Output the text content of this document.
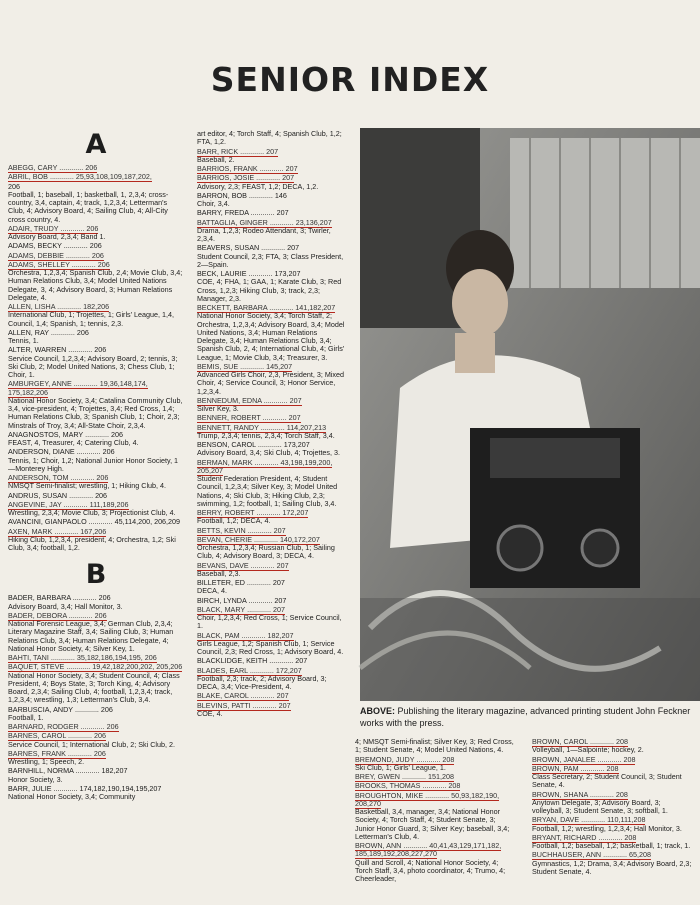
SENIOR INDEX
A
ABEGG, CARY ............ 206
ABRIL, BOB ............ 25,93,108,109,187,202,
206
Football, 1; baseball, 1; basketball, 1, 2,3,4; cross-country, 3,4, captain, 4; track, 1,2,3,4; Letterman's Club, 4; Advisory Board, 4; Sailing Club, 4; All-City cross country, 4.
ADAIR, TRUDY ............ 206
Advisory Board, 2,3,4; Band 1.
ADAMS, BECKY ............ 206
ADAMS, DEBBIE ............ 206
ADAMS, SHELLEY ............ 206
Orchestra, 1,2,3,4; Spanish Club, 2,4; Movie Club, 3,4; Human Relations Club, 3,4; Model United Nations Delegate, 3, 4; Advisory Board, 3; Human Relations Delegate, 4.
ALLEN, LISHA ............ 182,206
International Club, 1; Trojettes, 1; Girls' League, 1,4, Council, 1,4; Spanish, 1; tennis, 2,3.
ALLEN, RAY ............ 206
Tennis, 1.
ALTER, WARREN ............ 206
Service Council, 1,2,3,4; Advisory Board, 2; tennis, 3; Ski Club, 2; Model United Nations, 3; Chess Club, 1; Choir, 1.
AMBURGEY, ANNE ............ 19,36,148,174, 175,182,206
National Honor Society, 3,4; Catalina Community Club, 3,4, vice-president, 4; Trojettes, 3,4; Red Cross, 1,4; Human Relations Club, 3; Spanish Club, 1; Choir, 2,3; Minstrals of Troy, 3,4; All-State Choir, 2,3,4.
ANAGNOSTOS, MARY ............ 206
FEAST, 4, Treasurer, 4; Catering Club, 4.
ANDERSON, DIANE ............ 206
Tennis, 1; Choir, 1,2; National Junior Honor Society, 1—Monterey High.
ANDERSON, TOM ............ 206
NMSQT Semi-finalist; wrestling, 1; Hiking Club, 4.
ANDRUS, SUSAN ............ 206
ANGEVINE, JAY ............ 111,189,206
Wrestling, 2,3,4; Movie Club, 3; Projectionist Club, 4.
AVANCINI, GIANPAOLO ............ 45,114,200, 206,209
AXEN, MARK ............ 167,206
Hiking Club, 1,2,3,4, president, 4; Orchestra, 1,2; Ski Club, 3,4; football, 1,2.
B
BADER, BARBARA ............ 206
Advisory Board, 3,4; Hall Monitor, 3.
BADER, DEBORA ............ 206
National Forensic League, 3,4; German Club, 2,3,4; Literary Magazine Staff, 3,4; Sailing Club, 3; Human Relations Club, 3,4; Human Relations Delegate, 4; National Honor Society, 4; Silver Key, 1.
BAHTI, TANI ............ 35,182,186,194,195, 206
BAQUET, STEVE ............ 19,42,182,200,202, 205,206
National Honor Society, 3,4; Student Council, 4; Class President, 4; Boys State, 3; Torch King, 4; Advisory Board, 2,3,4; Sailing Club, 4; football, 1,2,3,4; track, 1,2,3,4; wrestling, 1,3; Letterman's Club, 3,4.
BARBUSCIA, ANDY ............ 206
Football, 1.
BARNARD, RODGER ............ 206
BARNES, CAROL ............ 206
Service Council, 1; International Club, 2; Ski Club, 2.
BARNES, FRANK ............ 206
Wrestling, 1; Speech, 2.
BARNHILL, NORMA ............ 182,207
Honor Society, 3.
BARR, JULIE ............ 174,182,190,194,195,207
National Honor Society, 3,4; Community
art editor, 4; Torch Staff, 4; Spanish Club, 1,2; FTA, 1,2.
BARR, RICK ............ 207
Baseball, 2.
BARRIOS, FRANK ............ 207
BARRIOS, JOSIE ............ 207
Advisory, 2,3; FEAST, 1,2; DECA, 1,2.
BARRON, BOB ............ 146
Choir, 3,4.
BARRY, FREDA ............ 207
BATTAGLIA, GINGER ............ 23,136,207
Drama, 1,2,3; Rodeo Attendant, 3; Twirler, 2,3,4.
BEAVERS, SUSAN ............ 207
Student Council, 2,3; FTA, 3; Class President, 2—Spain.
BECK, LAURIE ............ 173,207
COE, 4; FHA, 1; GAA, 1; Karate Club, 3; Red Cross, 1,2,3; Hiking Club, 3; track, 2,3; Manager, 2,3.
BECKETT, BARBARA ............ 141,182,207
National Honor Society, 3,4; Torch Staff, 2; Orchestra, 1,2,3,4; Advisory Board, 3,4; Model United Nations, 3,4; Human Relations Delegate, 3,4; Human Relations Club, 3,4; Spanish Club, 2, 4; International Club, 4; Girls' League, 1; Movie Club, 3,4; Treasurer, 3.
BEMIS, SUE ............ 145,207
Advanced Girls Choir, 2,3, President, 3; Mixed Choir, 4; Service Council, 3; Honor Service, 1,2,3,4.
BENNEDUM, EDNA ............ 207
Silver Key, 3.
BENNER, ROBERT ............ 207
BENNETT, RANDY ............ 114,207,213
Trump, 2,3,4; tennis, 2,3,4; Torch Staff, 3,4.
BENSON, CAROL ............ 173,207
Advisory Board, 3,4; Ski Club, 4; Trojettes, 3.
BERMAN, MARK ............ 43,198,199,200, 205,207
Student Federation President, 4; Student Council, 1,2,3,4; Silver Key, 3; Model United Nations, 4; Ski Club, 3; Hiking Club, 2,3; swimming, 1,2; football, 1; Sailing Club, 3,4.
BERRY, ROBERT ............ 172,207
Football, 1,2; DECA, 4.
BETTS, KEVIN ............ 207
BEVAN, CHERIE ............ 140,172,207
Orchestra, 1,2,3,4; Russian Club, 1; Sailing Club, 4; Advisory Board, 3; DECA, 4.
BEVANS, DAVE ............ 207
Baseball, 2,3.
BILLETER, ED ............ 207
DECA, 4.
BIRCH, LYNDA ............ 207
BLACK, MARY ............ 207
Choir, 1,2,3,4; Red Cross, 1; Service Council, 1.
BLACK, PAM ............ 182,207
Girls League, 1,2; Spanish Club, 1; Service Council, 2,3; Red Cross, 1; Advisory Board, 4.
BLACKLIDGE, KEITH ............ 207
BLADES, EARL ............ 172,207
Football, 2,3; track, 2; Advisory Board, 3; DECA, 3,4; Vice-President, 4.
BLAKE, CAROL ............ 207
BLEVINS, PATTI ............ 207
COE, 4.	ABOVE: Publishing the literary magazine, advanced printing student John Feckner works with the press.
4; NMSQT Semi-finalist; Silver Key, 3; Red Cross, 1; Student Senate, 4; Model United Nations, 4.
BREMOND, JUDY ............ 208
Ski Club, 1; Girls' League, 1.
BREY, GWEN ............ 151,208
BROOKS, THOMAS ............ 208
BROUGHTON, MIKE ............ 50,93,182,190, 208,270
Basketball, 3,4, manager, 3,4; National Honor Society, 4; Torch Staff, 4; Student Senate, 3; Junior Honor Guard, 3; Silver Key; baseball, 3,4; Letterman's Club, 4.
BROWN, ANN ............ 40,41,43,129,171,182, 185,189,192,208,227,270
Quill and Scroll, 4; National Honor Society, 4; Torch Staff, 3,4, photo coordinator, 4; Trumo, 4; Cheerleader,
BROWN, CAROL ............ 208
Volleyball, 1—Salpointe; hockey, 2.
BROWN, JANALEE ............ 208
BROWN, PAM ............ 208
Class Secretary, 2; Student Council, 3; Student Senate, 4.
BROWN, SHANA ............ 208
Anytown Delegate, 3; Advisory Board, 3; volleyball, 3; Student Senate, 3; softball, 1.
BRYAN, DAVE ............ 110,111,208
Football, 1,2; wrestling, 1,2,3,4; Hall Monitor, 3.
BRYANT, RICHARD ............ 208
Football, 1,2; baseball, 1,2; basketball, 1; track, 1.
BUCHHAUSER, ANN ............ 65,208
Gymnastics, 1,2; Drama, 3,4; Advisory Board, 2,3; Student Senate, 4.
